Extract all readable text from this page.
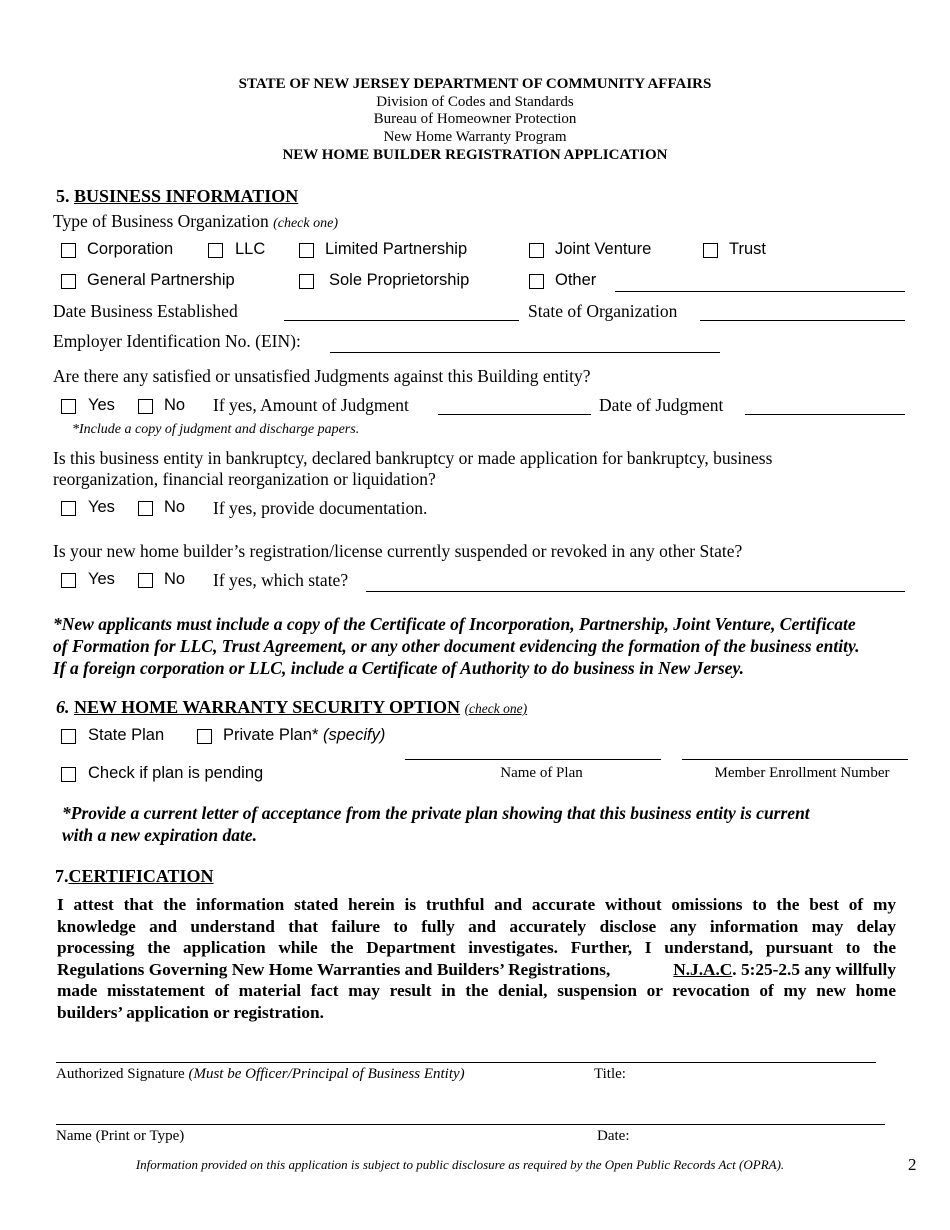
STATE OF NEW JERSEY DEPARTMENT OF COMMUNITY AFFAIRS
Division of Codes and Standards
Bureau of Homeowner Protection
New Home Warranty Program
NEW HOME BUILDER REGISTRATION APPLICATION
5. BUSINESS INFORMATION
Type of Business Organization (check one)
Corporation	LLC	Limited Partnership	Joint Venture	Trust
General Partnership	Sole Proprietorship	Other
Date Business Established	State of Organization
Employer Identification No. (EIN):
Are there any satisfied or unsatisfied Judgments against this Building entity?
Yes	No If yes, Amount of Judgment	Date of Judgment
*Include a copy of judgment and discharge papers.
Is this business entity in bankruptcy, declared bankruptcy or made application for bankruptcy, business
reorganization, financial reorganization or liquidation?
Yes	No If yes, provide documentation.
Is your new home builder’s registration/license currently suspended or revoked in any other State?
Yes	No If yes, which state?
*New applicants must include a copy of the Certificate of Incorporation, Partnership, Joint Venture, Certificate
of Formation for LLC, Trust Agreement, or any other document evidencing the formation of the business entity.
If a foreign corporation or LLC, include a Certificate of Authority to do business in New Jersey.
6. NEW HOME WARRANTY SECURITY OPTION (check one)
State Plan	Private Plan* (specify)
Check if plan is pending	Name of Plan	Member Enrollment Number
*Provide a current letter of acceptance from the private plan showing that this business entity is current
with a new expiration date.
7.CERTIFICATION
I attest that the information stated herein is truthful and accurate without omissions to the best of my
knowledge and understand that failure to fully and accurately disclose any information may delay
processing the application while the Department investigates. Further, I understand, pursuant to the
Regulations Governing New Home Warranties and Builders’ Registrations,	N.J.A.C. 5:25-2.5 any willfully
made misstatement of material fact may result in the denial, suspension or revocation of my new home
builders’ application or registration.
Authorized Signature (Must be Officer/Principal of Business Entity)	Title:
Name (Print or Type)	Date:
Information provided on this application is subject to public disclosure as required by the Open Public Records Act (OPRA).	2
